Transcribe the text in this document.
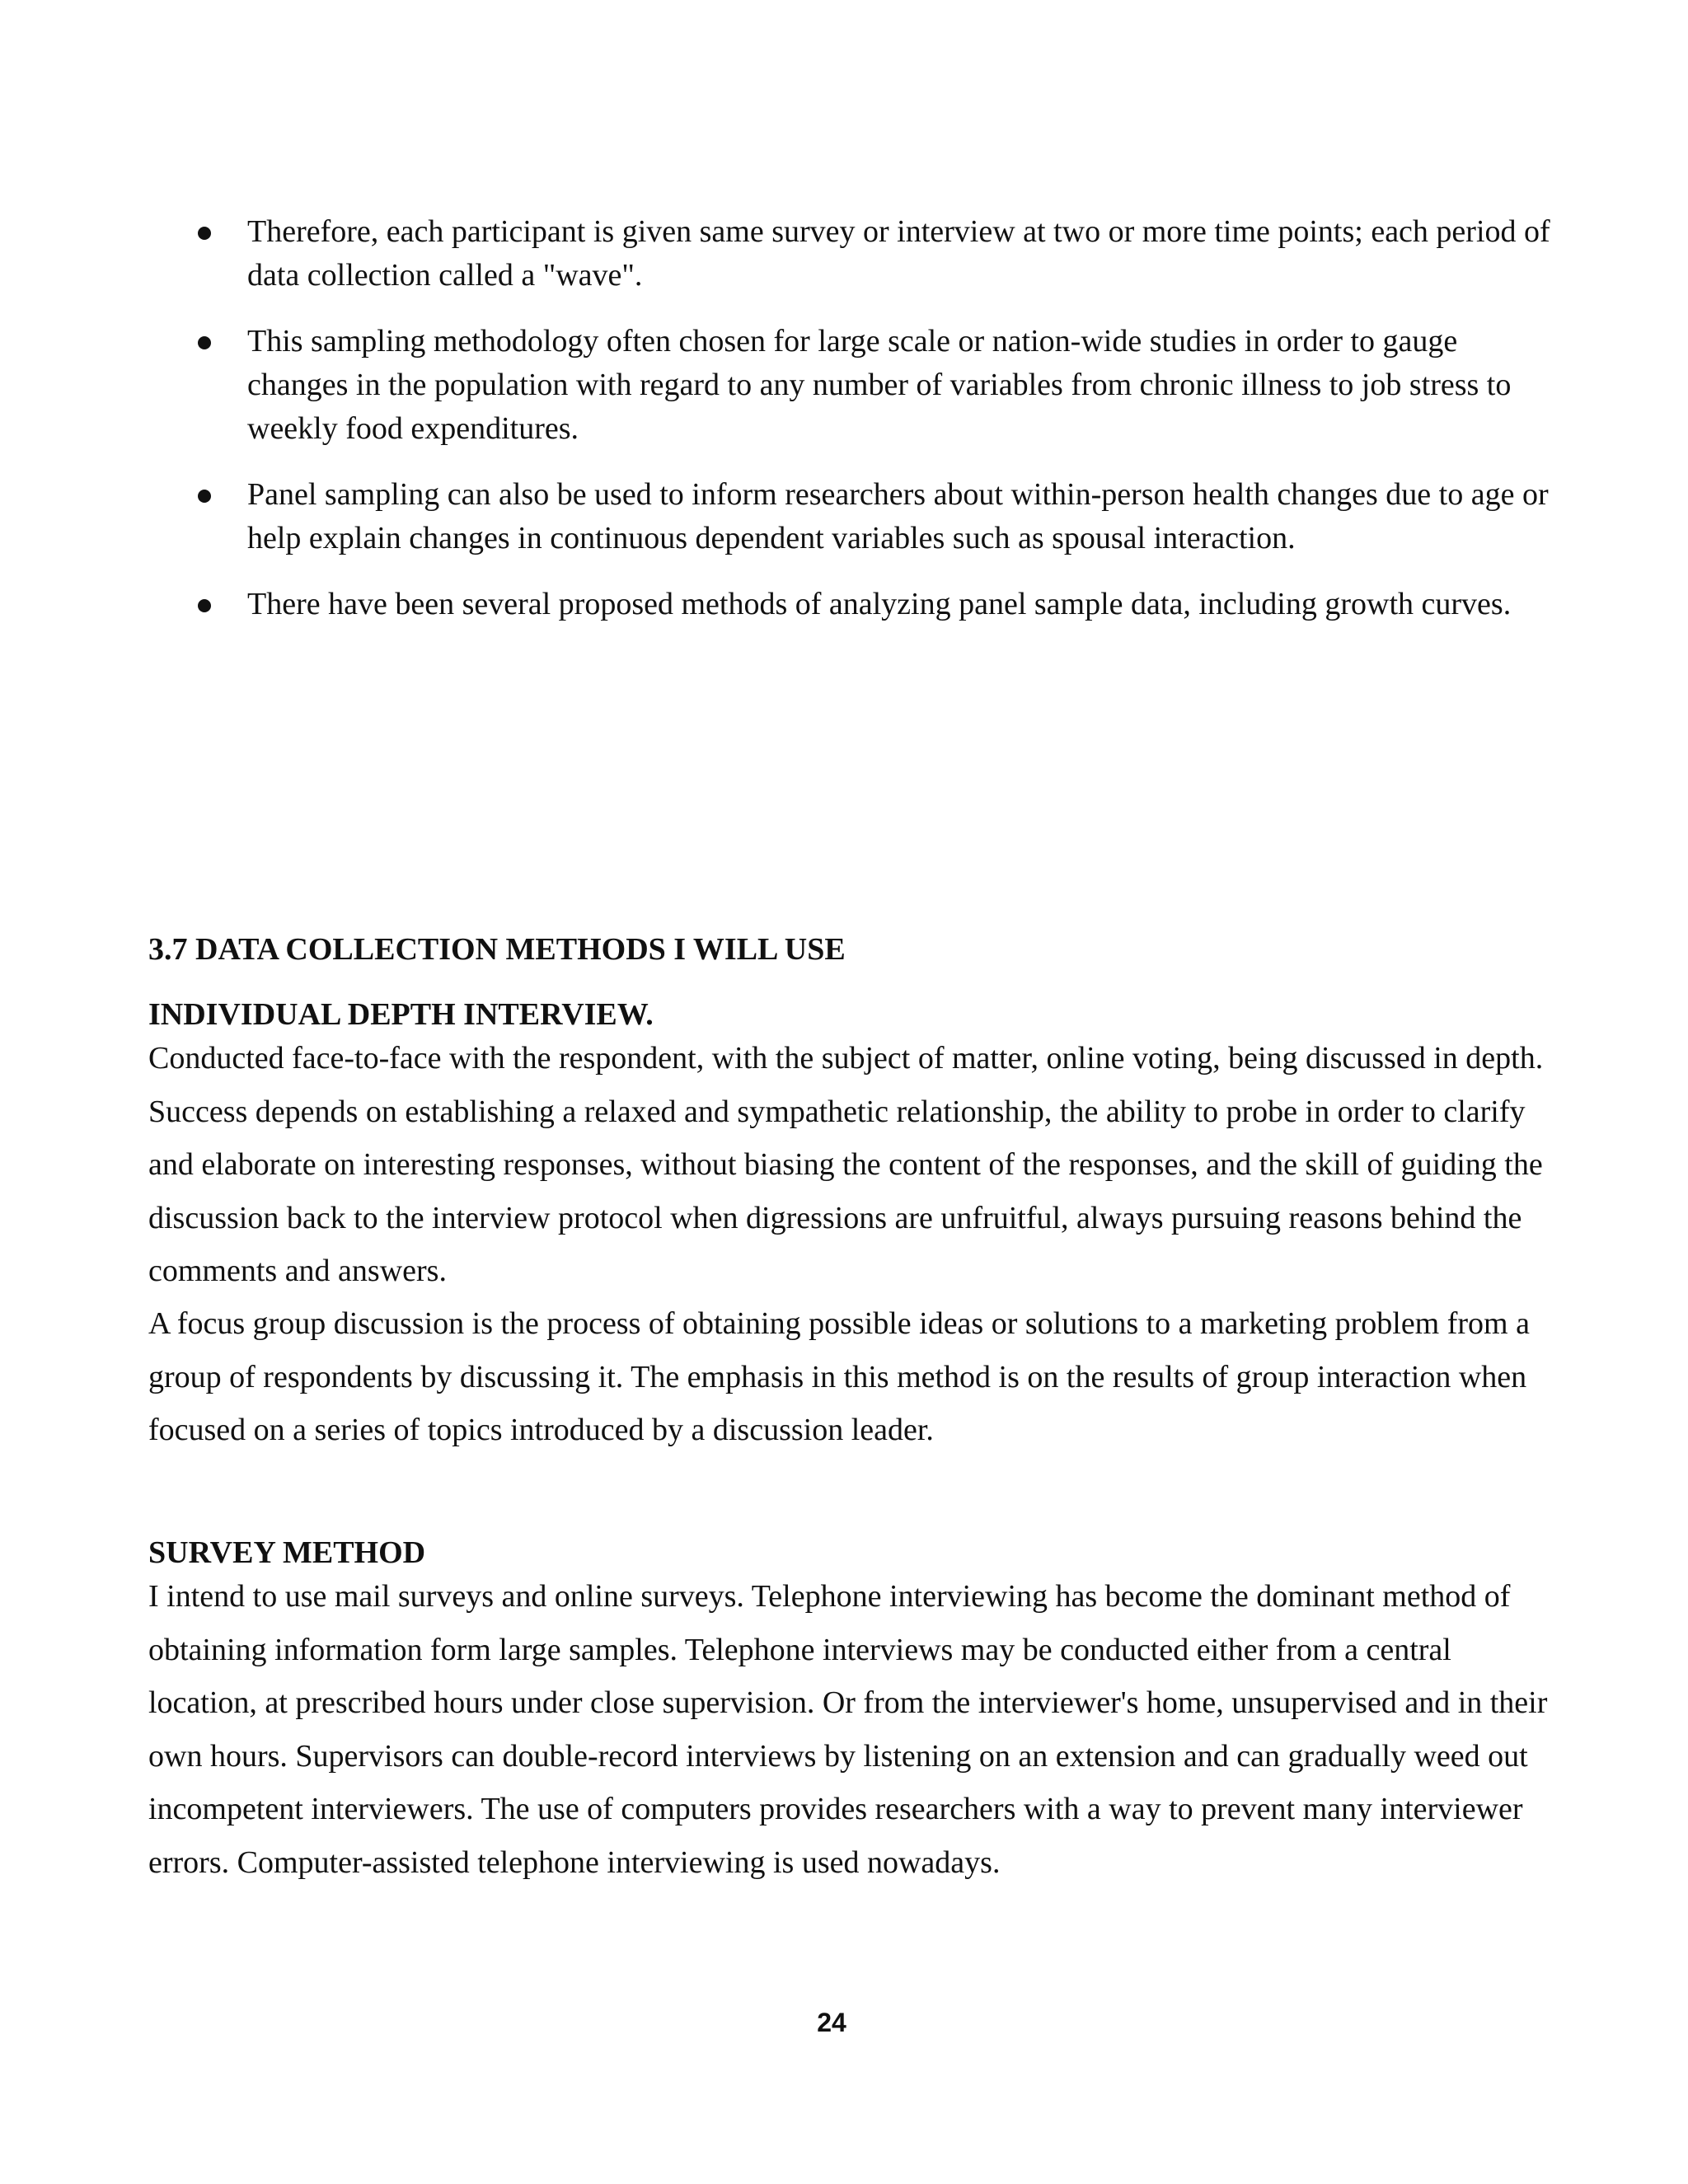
Therefore, each participant is given same survey or interview at two or more time points; each period of data collection called a "wave".
This sampling methodology often chosen for large scale or nation-wide studies in order to gauge changes in the population with regard to any number of variables from chronic illness to job stress to weekly food expenditures.
Panel sampling can also be used to inform researchers about within-person health changes due to age or help explain changes in continuous dependent variables such as spousal interaction.
There have been several proposed methods of analyzing panel sample data, including growth curves.
3.7 DATA COLLECTION METHODS I WILL USE
INDIVIDUAL DEPTH INTERVIEW.

Conducted face-to-face with the respondent, with the subject of matter, online voting, being discussed in depth. Success depends on establishing a relaxed and sympathetic relationship, the ability to probe in order to clarify and elaborate on interesting responses, without biasing the content of the responses, and the skill of guiding the discussion back to the interview protocol when digressions are unfruitful, always pursuing reasons behind the comments and answers.

A focus group discussion is the process of obtaining possible ideas or solutions to a marketing problem from a group of respondents by discussing it. The emphasis in this method is on the results of group interaction when focused on a series of topics introduced by a discussion leader.

SURVEY METHOD

I intend to use mail surveys and online surveys. Telephone interviewing has become the dominant method of obtaining information form large samples. Telephone interviews may be conducted either from a central location, at prescribed hours under close supervision. Or from the interviewer's home, unsupervised and in their own hours. Supervisors can double-record interviews by listening on an extension and can gradually weed out incompetent interviewers. The use of computers provides researchers with a way to prevent many interviewer errors. Computer-assisted telephone interviewing is used nowadays.

24
